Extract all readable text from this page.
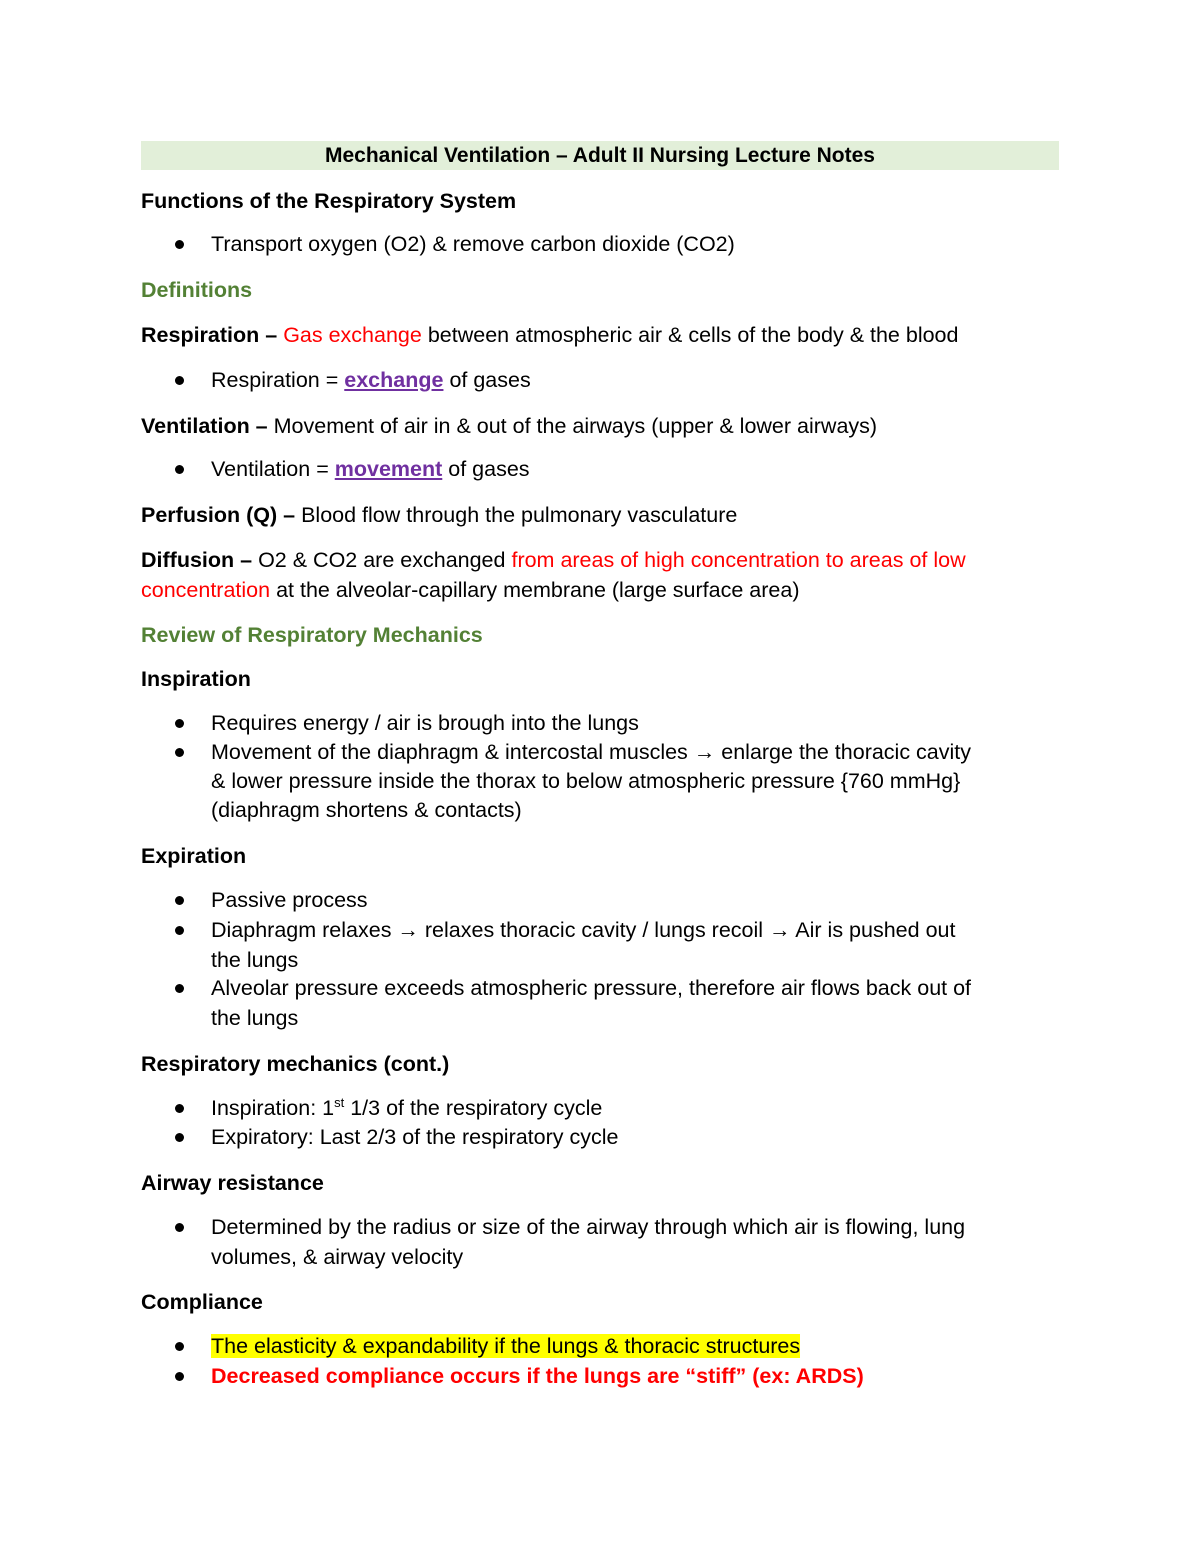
Mechanical Ventilation – Adult II Nursing Lecture Notes
Functions of the Respiratory System
Transport oxygen (O2) & remove carbon dioxide (CO2)
Definitions
Respiration – Gas exchange between atmospheric air & cells of the body & the blood
Respiration = exchange of gases
Ventilation – Movement of air in & out of the airways (upper & lower airways)
Ventilation = movement of gases
Perfusion (Q) – Blood flow through the pulmonary vasculature
Diffusion – O2 & CO2 are exchanged from areas of high concentration to areas of low
concentration at the alveolar-capillary membrane (large surface area)
Review of Respiratory Mechanics
Inspiration
Requires energy / air is brough into the lungs
Movement of the diaphragm & intercostal muscles → enlarge the thoracic cavity
& lower pressure inside the thorax to below atmospheric pressure {760 mmHg}
(diaphragm shortens & contacts)
Expiration
Passive process
Diaphragm relaxes → relaxes thoracic cavity / lungs recoil → Air is pushed out
the lungs
Alveolar pressure exceeds atmospheric pressure, therefore air flows back out of
the lungs
Respiratory mechanics (cont.)
Inspiration: 1st 1/3 of the respiratory cycle
Expiratory: Last 2/3 of the respiratory cycle
Airway resistance
Determined by the radius or size of the airway through which air is flowing, lung
volumes, & airway velocity
Compliance
The elasticity & expandability if the lungs & thoracic structures
Decreased compliance occurs if the lungs are “stiff” (ex: ARDS)
